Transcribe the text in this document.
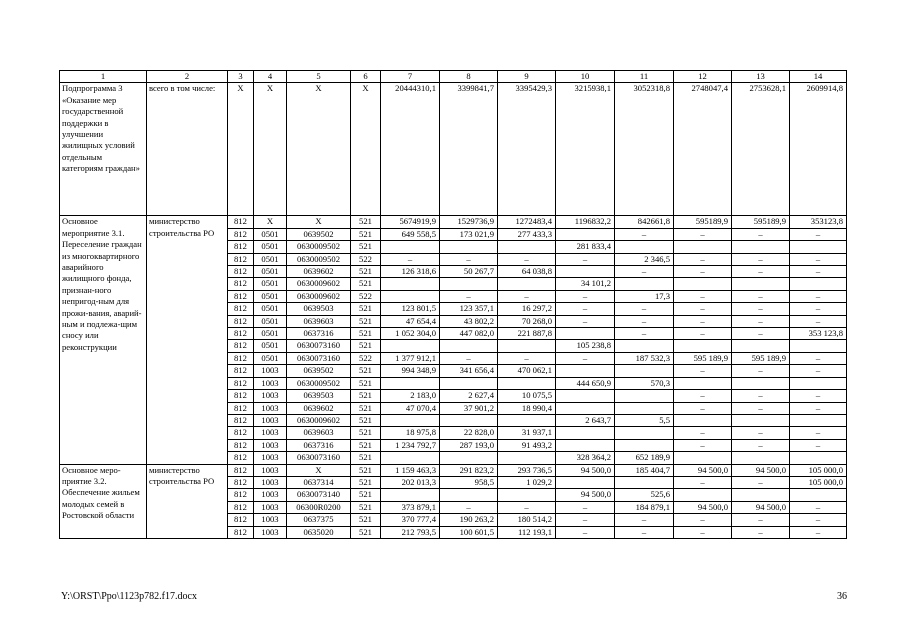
1	2	3	4	5	6	7	8	9	10	11	12	13	14
Подпрограмма 3 «Оказание мер государственной поддержки в улучшении жилищных условий отдельным категориям граждан»	всего в том числе:	Х	Х	Х	Х	20444310,1	3399841,7	3395429,3	3215938,1	3052318,8	2748047,4	2753628,1	2609914,8
Основное мероприятие 3.1. Переселение граждан из многоквартирного аварийного жилищного фонда, признан-ного непригод-ным для прожи-вания, аварий-ным и подлежа-щим сносу или реконструкции	министерство строительства РО	812	Х	Х	521	5674919,9	1529736,9	1272483,4	1196832,2	842661,8	595189,9	595189,9	353123,8
		812	0501	0639502	521	649 558,5	173 021,9	277 433,3		–	–	–	–
		812	0501	0630009502	521				281 833,4				
		812	0501	0630009502	522	–	–	–	–	2 346,5	–	–	–
		812	0501	0639602	521	126 318,6	50 267,7	64 038,8		–	–	–	–
		812	0501	0630009602	521				34 101,2				
		812	0501	0630009602	522		–	–	–	17,3	–	–	–
		812	0501	0639503	521	123 801,5	123 357,1	16 297,2	–	–	–	–	–
		812	0501	0639603	521	47 654,4	43 802,2	70 268,0	–	–	–	–	–
		812	0501	0637316	521	1 052 304,0	447 082,0	221 887,8		–	–	–	353 123,8
		812	0501	0630073160	521				105 238,8				
		812	0501	0630073160	522	1 377 912,1	–	–	–	187 532,3	595 189,9	595 189,9	–
		812	1003	0639502	521	994 348,9	341 656,4	470 062,1			–	–	–
		812	1003	0630009502	521				444 650,9	570,3			
		812	1003	0639503	521	2 183,0	2 627,4	10 075,5			–	–	–
		812	1003	0639602	521	47 070,4	37 901,2	18 990,4			–	–	–
		812	1003	0630009602	521				2 643,7	5,5			
		812	1003	0639603	521	18 975,8	22 828,0	31 937,1			–	–	–
		812	1003	0637316	521	1 234 792,7	287 193,0	91 493,2			–	–	–
		812	1003	0630073160	521				328 364,2	652 189,9			
Основное меро-приятие 3.2. Обеспечение жильем молодых семей в Ростовской области	министерство строительства РО	812	1003	Х	521	1 159 463,3	291 823,2	293 736,5	94 500,0	185 404,7	94 500,0	94 500,0	105 000,0
		812	1003	0637314	521	202 013,3	958,5	1 029,2			–	–	105 000,0
		812	1003	0630073140	521				94 500,0	525,6			
		812	1003	06300R0200	521	373 879,1	–	–	–	184 879,1	94 500,0	94 500,0	–
		812	1003	0637375	521	370 777,4	190 263,2	180 514,2	–	–	–	–	–
		812	1003	0635020	521	212 793,5	100 601,5	112 193,1	–	–	–	–	–
Y:\ORST\Ppo\1123p782.f17.docx	36
